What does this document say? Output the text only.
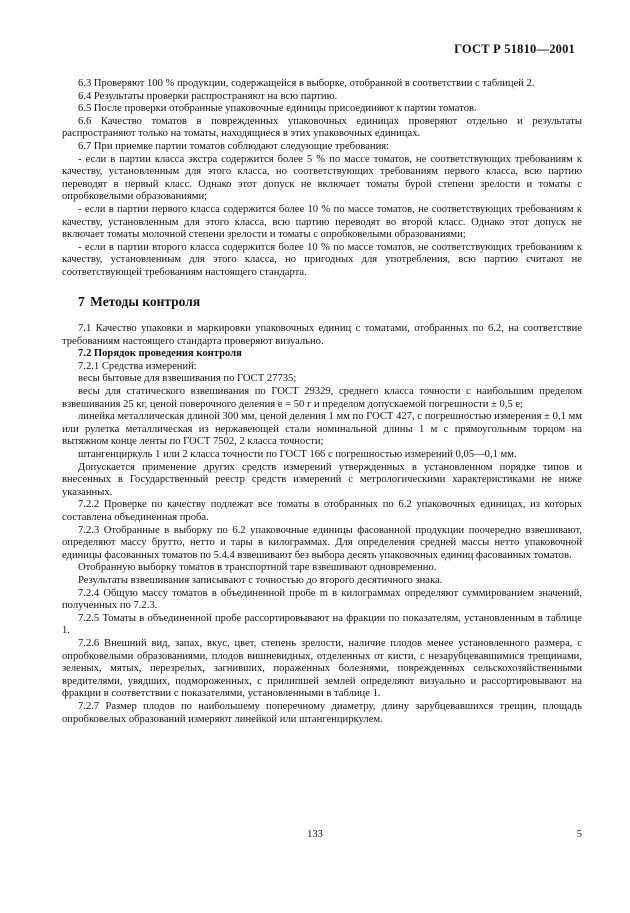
ГОСТ Р 51810—2001

6.3 Проверяют 100 % продукции, содержащейся в выборке, отобранной в соответствии с таблицей 2.

6.4 Результаты проверки распространяют на всю партию.

6.5 После проверки отобранные упаковочные единицы присоединяют к партии томатов.

6.6 Качество томатов в поврежденных упаковочных единицах проверяют отдельно и результаты распространяют только на томаты, находящиеся в этих упаковочных единицах.

6.7 При приемке партии томатов соблюдают следующие требования:

- если в партии класса экстра содержится более 5 % по массе томатов, не соответствующих требованиям к качеству, установленным для этого класса, но соответствующих требованиям первого класса, всю партию переводят в первый класс. Однако этот допуск не включает томаты бурой степени зрелости и томаты с опробковелыми образованиями;

- если в партии первого класса содержится более 10 % по массе томатов, не соответствующих требованиям к качеству, установленным для этого класса, всю партию переводят во второй класс. Однако этот допуск не включает томаты молочной степени зрелости и томаты с опробковелыми образованиями;

- если в партии второго класса содержится более 10 % по массе томатов, не соответствующих требованиям к качеству, установленным для этого класса, но пригодных для употребления, всю партию считают не соответствующей требованиям настоящего стандарта.

7 Методы контроля

7.1 Качество упаковки и маркировки упаковочных единиц с томатами, отобранных по 6.2, на соответствие требованиям настоящего стандарта проверяют визуально.

7.2 Порядок проведения контроля

7.2.1 Средства измерений:

весы бытовые для взвешивания по ГОСТ 27735;

весы для статического взвешивания по ГОСТ 29329, среднего класса точности с наибольшим пределом взвешивания 25 кг, ценой поверочного деления e = 50 г и пределом допускаемой погрешности ± 0,5 e;

линейка металлическая длиной 300 мм, ценой деления 1 мм по ГОСТ 427, с погрешностью измерения ± 0,1 мм или рулетка металлическая из нержавеющей стали номинальной длины 1 м с прямоугольным торцом на вытяжном конце ленты по ГОСТ 7502, 2 класса точности;

штангенциркуль 1 или 2 класса точности по ГОСТ 166 с погрешностью измерений 0,05—0,1 мм.

Допускается применение других средств измерений утвержденных в установленном порядке типов и внесенных в Государственный реестр средств измерений с метрологическими характеристиками не ниже указанных.

7.2.2 Проверке по качеству подлежат все томаты в отобранных по 6.2 упаковочных единицах, из которых составлена объединенная проба.

7.2.3 Отобранные в выборку по 6.2 упаковочные единицы фасованной продукции поочередно взвешивают, определяют массу брутто, нетто и тары в килограммах. Для определения средней массы нетто упаковочной единицы фасованных томатов по 5.4.4 взвешивают без выбора десять упаковочных единиц фасованных томатов.

Отобранную выборку томатов в транспортной таре взвешивают одновременно.

Результаты взвешивания записывают с точностью до второго десятичного знака.

7.2.4 Общую массу томатов в объединенной пробе m в килограммах определяют суммированием значений, полученных по 7.2.3.

7.2.5 Томаты в объединенной пробе рассортировывают на фракции по показателям, установленным в таблице 1.

7.2.6 Внешний вид, запах, вкус, цвет, степень зрелости, наличие плодов менее установленного размера, с опробковелыми образованиями, плодов вишневидных, отделенных от кисти, с незарубцевавшимися трещинами, зеленых, мятых, перезрелых, загнивших, пораженных болезнями, поврежденных сельскохозяйственными вредителями, увядших, подмороженных, с прилипшей землей определяют визуально и рассортировывают на фракции в соответствии с показателями, установленными в таблице 1.

7.2.7 Размер плодов по наибольшему поперечному диаметру, длину зарубцевавшихся трещин, площадь опробковелых образований измеряют линейкой или штангенциркулем.

133	5
